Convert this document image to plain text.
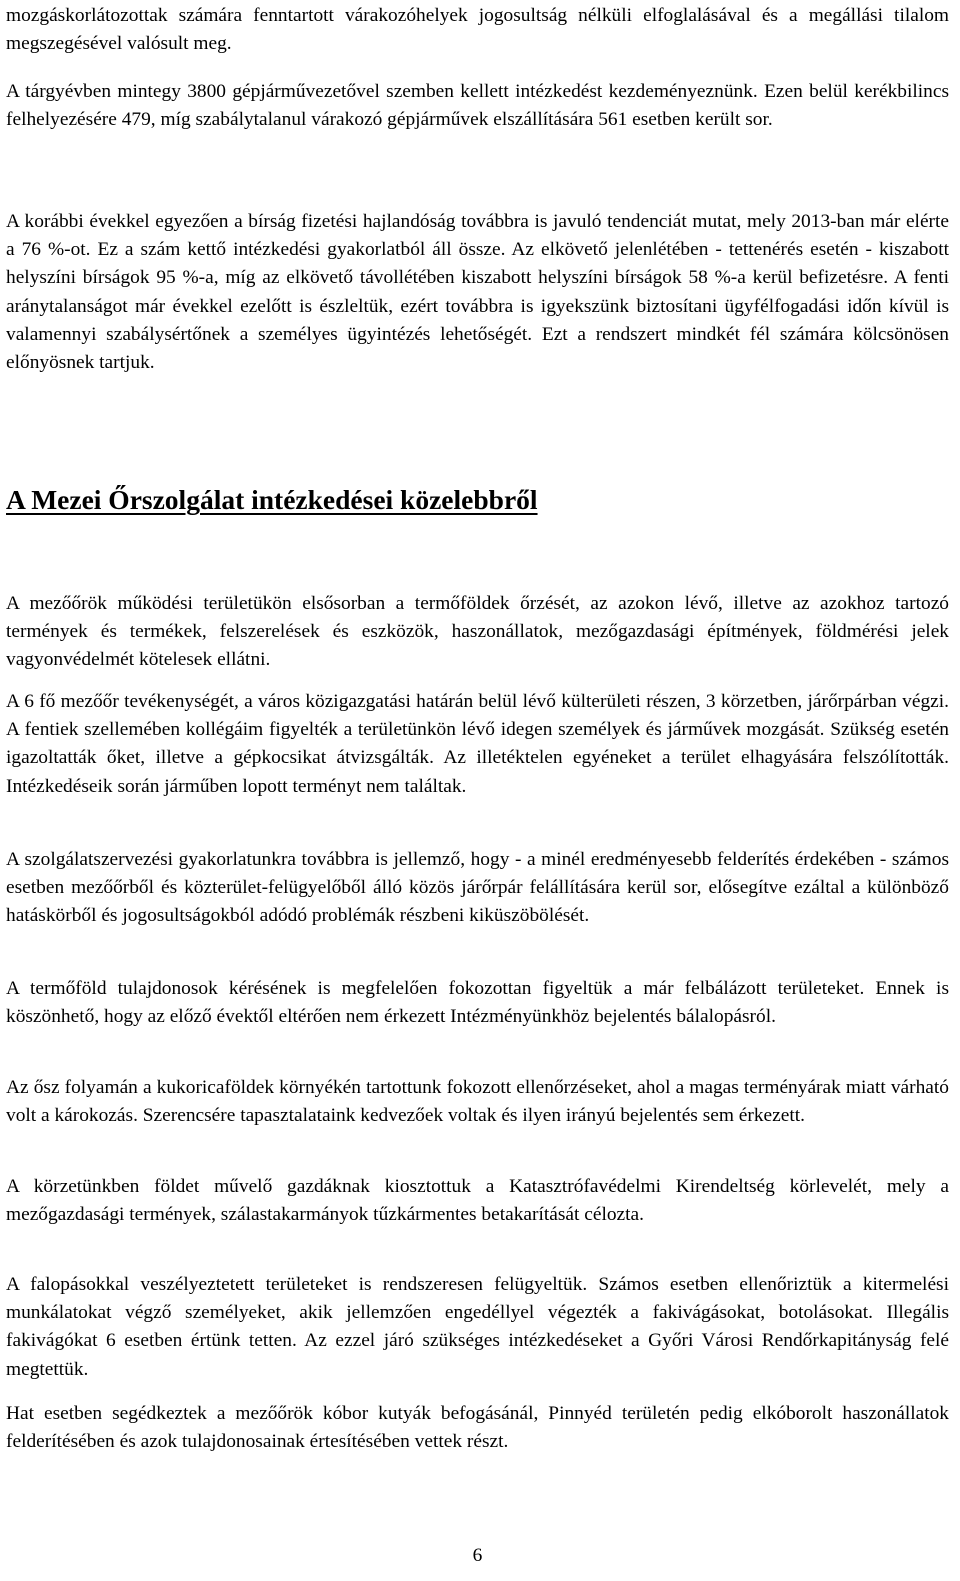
mozgáskorlátozottak számára fenntartott várakozóhelyek jogosultság nélküli elfoglalásával és a megállási tilalom megszegésével valósult meg.

A tárgyévben mintegy 3800 gépjárművezetővel szemben kellett intézkedést kezdeményeznünk. Ezen belül kerékbilincs felhelyezésére 479, míg szabálytalanul várakozó gépjárművek elszállítására 561 esetben került sor.

A korábbi évekkel egyezően a bírság fizetési hajlandóság továbbra is javuló tendenciát mutat, mely 2013-ban már elérte a 76 %-ot. Ez a szám kettő intézkedési gyakorlatból áll össze. Az elkövető jelenlétében - tettenérés esetén - kiszabott helyszíni bírságok 95 %-a, míg az elkövető távollétében kiszabott helyszíni bírságok 58 %-a kerül befizetésre. A fenti aránytalanságot már évekkel ezelőtt is észleltük, ezért továbbra is igyekszünk biztosítani ügyfélfogadási időn kívül is valamennyi szabálysértőnek a személyes ügyintézés lehetőségét. Ezt a rendszert mindkét fél számára kölcsönösen előnyösnek tartjuk.

A Mezei Őrszolgálat intézkedései közelebbről

A mezőőrök működési területükön elsősorban a termőföldek őrzését, az azokon lévő, illetve az azokhoz tartozó termények és termékek, felszerelések és eszközök, haszonállatok, mezőgazdasági építmények, földmérési jelek vagyonvédelmét kötelesek ellátni.

A 6 fő mezőőr tevékenységét, a város közigazgatási határán belül lévő külterületi részen, 3 körzetben, járőrpárban végzi. A fentiek szellemében kollégáim figyelték a területünkön lévő idegen személyek és járművek mozgását. Szükség esetén igazoltatták őket, illetve a gépkocsikat átvizsgálták. Az illetéktelen egyéneket a terület elhagyására felszólították. Intézkedéseik során járműben lopott terményt nem találtak.

A szolgálatszervezési gyakorlatunkra továbbra is jellemző, hogy - a minél eredményesebb felderítés érdekében - számos esetben mezőőrből és közterület-felügyelőből álló közös járőrpár felállítására kerül sor, elősegítve ezáltal a különböző hatáskörből és jogosultságokból adódó problémák részbeni kiküszöbölését.

A termőföld tulajdonosok kérésének is megfelelően fokozottan figyeltük a már felbálázott területeket. Ennek is köszönhető, hogy az előző évektől eltérően nem érkezett Intézményünkhöz bejelentés bálalopásról.

Az ősz folyamán a kukoricaföldek környékén tartottunk fokozott ellenőrzéseket, ahol a magas terményárak miatt várható volt a károkozás. Szerencsére tapasztalataink kedvezőek voltak és ilyen irányú bejelentés sem érkezett.

A körzetünkben földet művelő gazdáknak kiosztottuk a Katasztrófavédelmi Kirendeltség körlevelét, mely a mezőgazdasági termények, szálastakarmányok tűzkármentes betakarítását célozta.

A falopásokkal veszélyeztetett területeket is rendszeresen felügyeltük. Számos esetben ellenőriztük a kitermelési munkálatokat végző személyeket, akik jellemzően engedéllyel végezték a fakivágásokat, botolásokat. Illegális fakivágókat 6 esetben értünk tetten. Az ezzel járó szükséges intézkedéseket a Győri Városi Rendőrkapitányság felé megtettük.

Hat esetben segédkeztek a mezőőrök kóbor kutyák befogásánál, Pinnyéd területén pedig elkóborolt haszonállatok felderítésében és azok tulajdonosainak értesítésében vettek részt.

6
